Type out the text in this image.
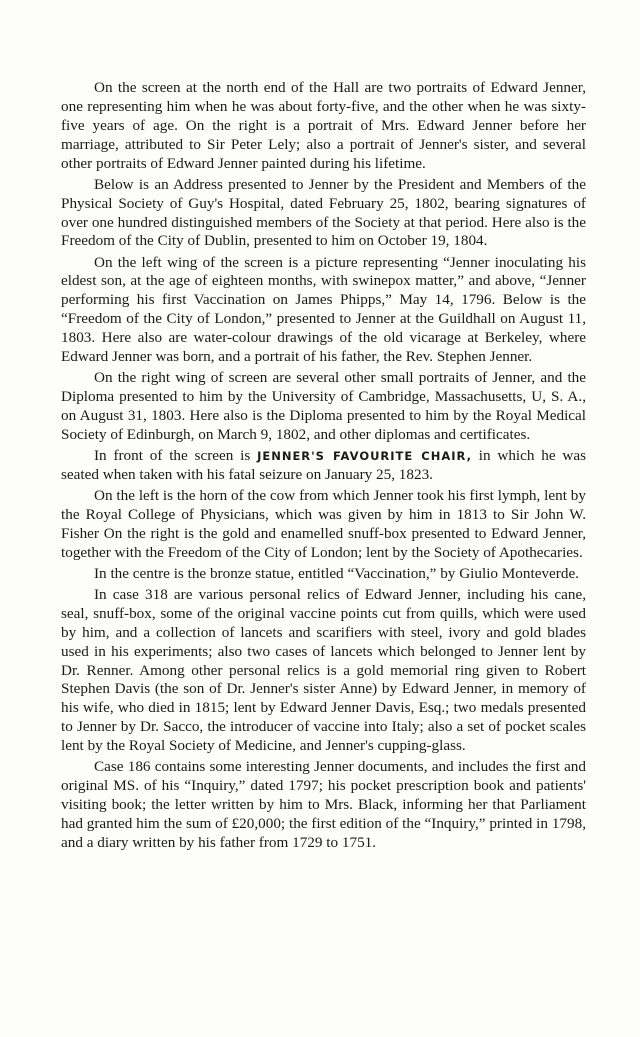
On the screen at the north end of the Hall are two portraits of Edward Jenner, one representing him when he was about forty-five, and the other when he was sixty-five years of age. On the right is a portrait of Mrs. Edward Jenner before her marriage, attributed to Sir Peter Lely; also a portrait of Jenner's sister, and several other portraits of Edward Jenner painted during his lifetime.

Below is an Address presented to Jenner by the President and Members of the Physical Society of Guy's Hospital, dated February 25, 1802, bearing signatures of over one hundred distinguished members of the Society at that period. Here also is the Freedom of the City of Dublin, presented to him on October 19, 1804.

On the left wing of the screen is a picture representing “Jenner inoculating his eldest son, at the age of eighteen months, with swinepox matter,” and above, “Jenner performing his first Vaccination on James Phipps,” May 14, 1796. Below is the “Freedom of the City of London,” presented to Jenner at the Guildhall on August 11, 1803. Here also are water-colour drawings of the old vicarage at Berkeley, where Edward Jenner was born, and a portrait of his father, the Rev. Stephen Jenner.

On the right wing of screen are several other small portraits of Jenner, and the Diploma presented to him by the University of Cambridge, Massachusetts, U, S. A., on August 31, 1803. Here also is the Diploma presented to him by the Royal Medical Society of Edinburgh, on March 9, 1802, and other diplomas and certificates.

In front of the screen is JENNER'S FAVOURITE CHAIR, in which he was seated when taken with his fatal seizure on January 25, 1823.

On the left is the horn of the cow from which Jenner took his first lymph, lent by the Royal College of Physicians, which was given by him in 1813 to Sir John W. Fisher On the right is the gold and enamelled snuff-box presented to Edward Jenner, together with the Freedom of the City of London; lent by the Society of Apothecaries.

In the centre is the bronze statue, entitled “Vaccination,” by Giulio Monteverde.

In case 318 are various personal relics of Edward Jenner, including his cane, seal, snuff-box, some of the original vaccine points cut from quills, which were used by him, and a collection of lancets and scarifiers with steel, ivory and gold blades used in his experiments; also two cases of lancets which belonged to Jenner lent by Dr. Renner. Among other personal relics is a gold memorial ring given to Robert Stephen Davis (the son of Dr. Jenner's sister Anne) by Edward Jenner, in memory of his wife, who died in 1815; lent by Edward Jenner Davis, Esq.; two medals presented to Jenner by Dr. Sacco, the introducer of vaccine into Italy; also a set of pocket scales lent by the Royal Society of Medicine, and Jenner's cupping-glass.

Case 186 contains some interesting Jenner documents, and includes the first and original MS. of his “Inquiry,” dated 1797; his pocket prescription book and patients' visiting book; the letter written by him to Mrs. Black, informing her that Parliament had granted him the sum of £20,000; the first edition of the “Inquiry,” printed in 1798, and a diary written by his father from 1729 to 1751.
